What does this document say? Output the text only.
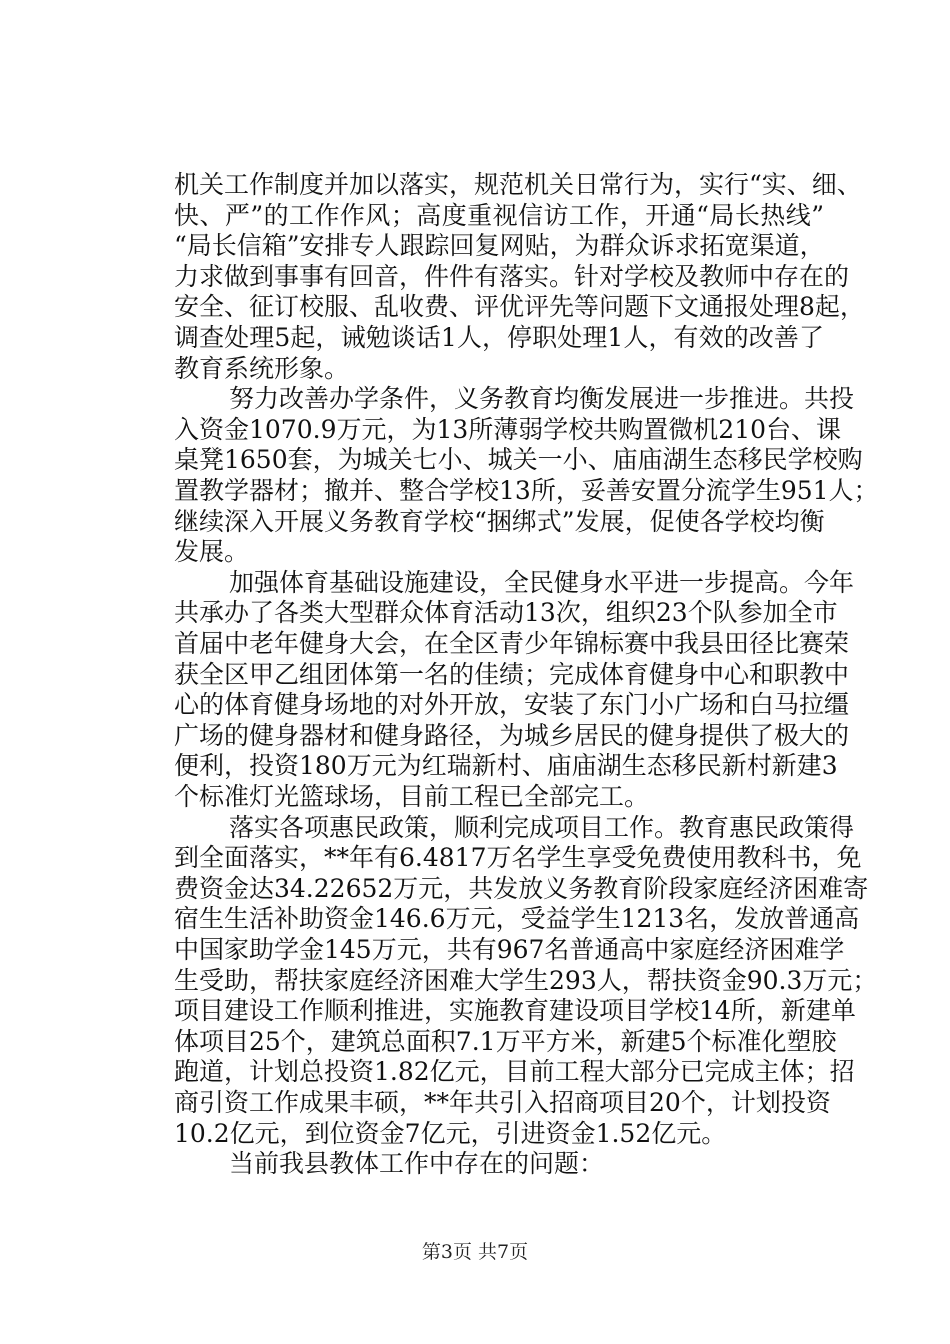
机关工作制度并加以落实，规范机关日常行为，实行“实、细、
快、严”的工作作风；高度重视信访工作，开通“局长热线”
“局长信箱”安排专人跟踪回复网贴，为群众诉求拓宽渠道，
力求做到事事有回音，件件有落实。针对学校及教师中存在的
安全、征订校服、乱收费、评优评先等问题下文通报处理8起，
调查处理5起，诫勉谈话1人，停职处理1人，有效的改善了
教育系统形象。
努力改善办学条件，义务教育均衡发展进一步推进。共投
入资金1070.9万元，为13所薄弱学校共购置微机210台、课
桌凳1650套，为城关七小、城关一小、庙庙湖生态移民学校购
置教学器材；撤并、整合学校13所，妥善安置分流学生951人；
继续深入开展义务教育学校“捆绑式”发展，促使各学校均衡
发展。
加强体育基础设施建设，全民健身水平进一步提高。今年
共承办了各类大型群众体育活动13次，组织23个队参加全市
首届中老年健身大会，在全区青少年锦标赛中我县田径比赛荣
获全区甲乙组团体第一名的佳绩；完成体育健身中心和职教中
心的体育健身场地的对外开放，安装了东门小广场和白马拉缰
广场的健身器材和健身路径，为城乡居民的健身提供了极大的
便利，投资180万元为红瑞新村、庙庙湖生态移民新村新建3
个标准灯光篮球场，目前工程已全部完工。
落实各项惠民政策，顺利完成项目工作。教育惠民政策得
到全面落实，**年有6.4817万名学生享受免费使用教科书，免
费资金达34.22652万元，共发放义务教育阶段家庭经济困难寄
宿生生活补助资金146.6万元，受益学生1213名，发放普通高
中国家助学金145万元，共有967名普通高中家庭经济困难学
生受助，帮扶家庭经济困难大学生293人，帮扶资金90.3万元；
项目建设工作顺利推进，实施教育建设项目学校14所，新建单
体项目25个，建筑总面积7.1万平方米，新建5个标准化塑胶
跑道，计划总投资1.82亿元，目前工程大部分已完成主体；招
商引资工作成果丰硕，**年共引入招商项目20个，计划投资
10.2亿元，到位资金7亿元，引进资金1.52亿元。
当前我县教体工作中存在的问题：
第3页 共7页
